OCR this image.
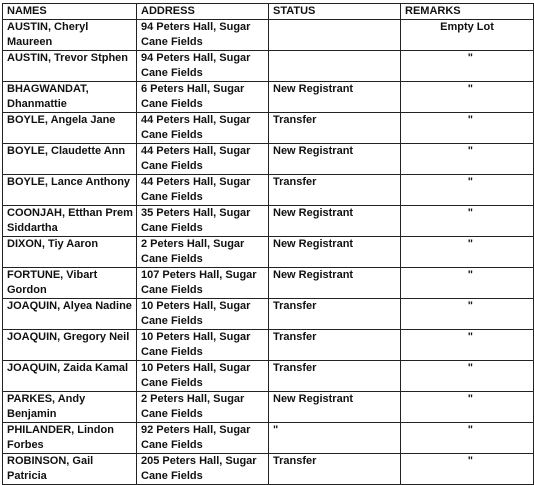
NAMES	ADDRESS	STATUS	REMARKS
AUSTIN, Cheryl Maureen	94 Peters Hall, Sugar Cane Fields		Empty Lot
AUSTIN, Trevor Stphen	94 Peters Hall, Sugar Cane Fields		"
BHAGWANDAT, Dhanmattie	6 Peters Hall, Sugar Cane Fields	New Registrant	"
BOYLE, Angela Jane	44 Peters Hall, Sugar Cane Fields	Transfer	"
BOYLE, Claudette Ann	44 Peters Hall, Sugar Cane Fields	New Registrant	"
BOYLE, Lance Anthony	44 Peters Hall, Sugar Cane Fields	Transfer	"
COONJAH, Etthan Prem Siddartha	35 Peters Hall, Sugar Cane Fields	New Registrant	"
DIXON, Tiy Aaron	2 Peters Hall, Sugar Cane Fields	New Registrant	"
FORTUNE, Vibart Gordon	107 Peters Hall, Sugar Cane Fields	New Registrant	"
JOAQUIN, Alyea Nadine	10 Peters Hall, Sugar Cane Fields	Transfer	"
JOAQUIN, Gregory Neil	10 Peters Hall, Sugar Cane Fields	Transfer	"
JOAQUIN, Zaida Kamal	10 Peters Hall, Sugar Cane Fields	Transfer	"
PARKES, Andy Benjamin	2 Peters Hall, Sugar Cane Fields	New Registrant	"
PHILANDER, Lindon Forbes	92 Peters Hall, Sugar Cane Fields	"	"
ROBINSON, Gail Patricia	205 Peters Hall, Sugar Cane Fields	Transfer	"
